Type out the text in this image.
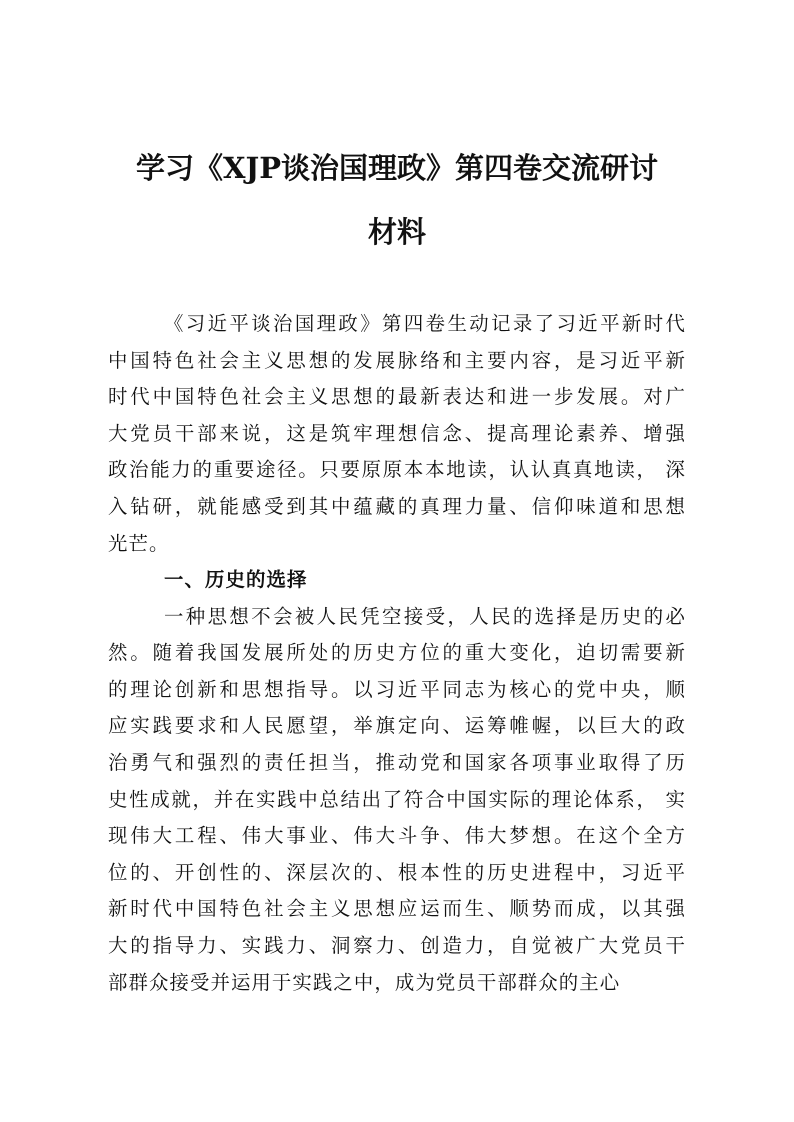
学习《XJP谈治国理政》第四卷交流研讨
材料
《习近平谈治国理政》第四卷生动记录了习近平新时代
中国特色社会主义思想的发展脉络和主要内容，是习近平新
时代中国特色社会主义思想的最新表达和进一步发展。对广
大党员干部来说，这是筑牢理想信念、提高理论素养、增强
政治能力的重要途径。只要原原本本地读，认认真真地读， 深
入钻研，就能感受到其中蕴藏的真理力量、信仰味道和思想
光芒。
一、历史的选择
一种思想不会被人民凭空接受，人民的选择是历史的必
然。随着我国发展所处的历史方位的重大变化，迫切需要新
的理论创新和思想指导。以习近平同志为核心的党中央，顺
应实践要求和人民愿望，举旗定向、运筹帷幄，以巨大的政
治勇气和强烈的责任担当，推动党和国家各项事业取得了历
史性成就，并在实践中总结出了符合中国实际的理论体系， 实
现伟大工程、伟大事业、伟大斗争、伟大梦想。在这个全方
位的、开创性的、深层次的、根本性的历史进程中，习近平
新时代中国特色社会主义思想应运而生、顺势而成，以其强
大的指导力、实践力、洞察力、创造力，自觉被广大党员干
部群众接受并运用于实践之中，成为党员干部群众的主心
